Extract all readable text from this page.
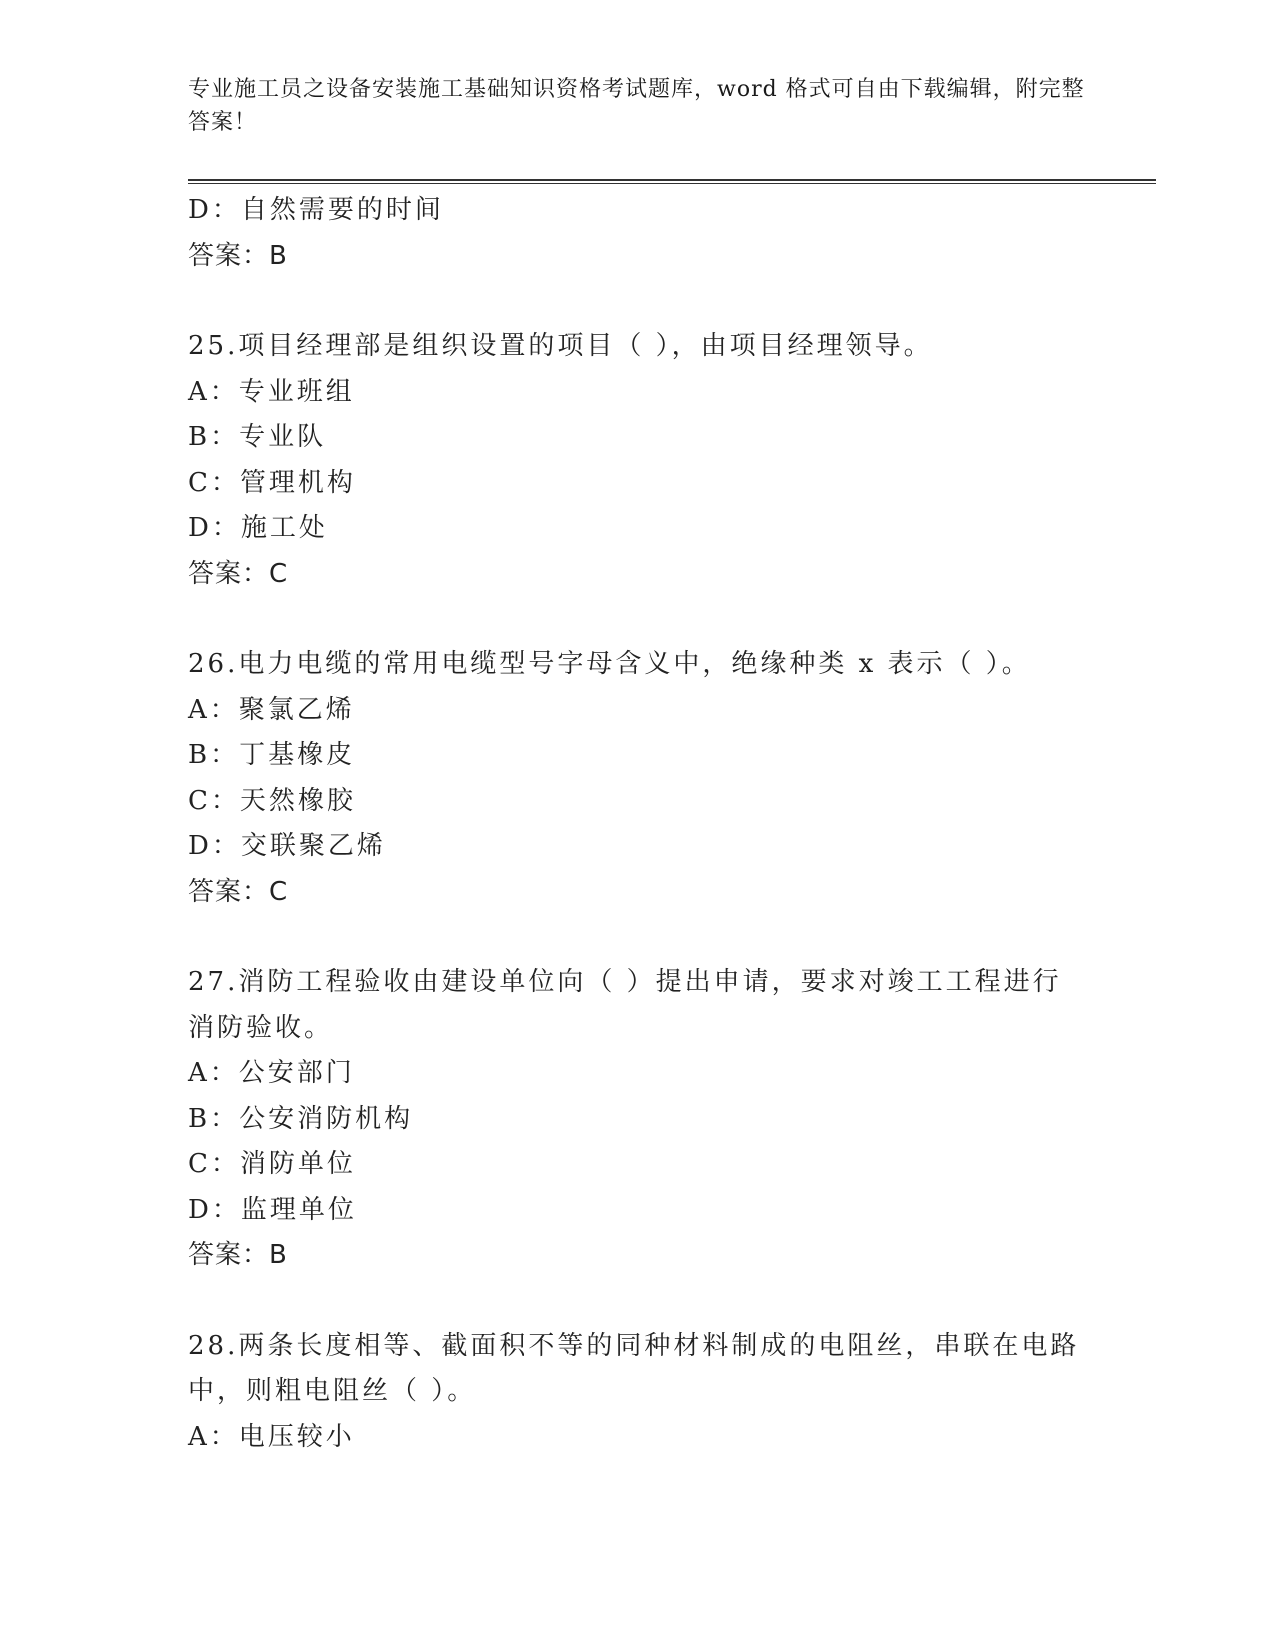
专业施工员之设备安装施工基础知识资格考试题库，word 格式可自由下载编辑，附完整答案！
D：自然需要的时间
答案：B
25.项目经理部是组织设置的项目（ ），由项目经理领导。
A：专业班组
B：专业队
C：管理机构
D：施工处
答案：C
26.电力电缆的常用电缆型号字母含义中，绝缘种类 x 表示（ ）。
A：聚氯乙烯
B：丁基橡皮
C：天然橡胶
D：交联聚乙烯
答案：C
27.消防工程验收由建设单位向（ ）提出申请，要求对竣工工程进行消防验收。
A：公安部门
B：公安消防机构
C：消防单位
D：监理单位
答案：B
28.两条长度相等、截面积不等的同种材料制成的电阻丝，串联在电路中，则粗电阻丝（ ）。
A：电压较小
